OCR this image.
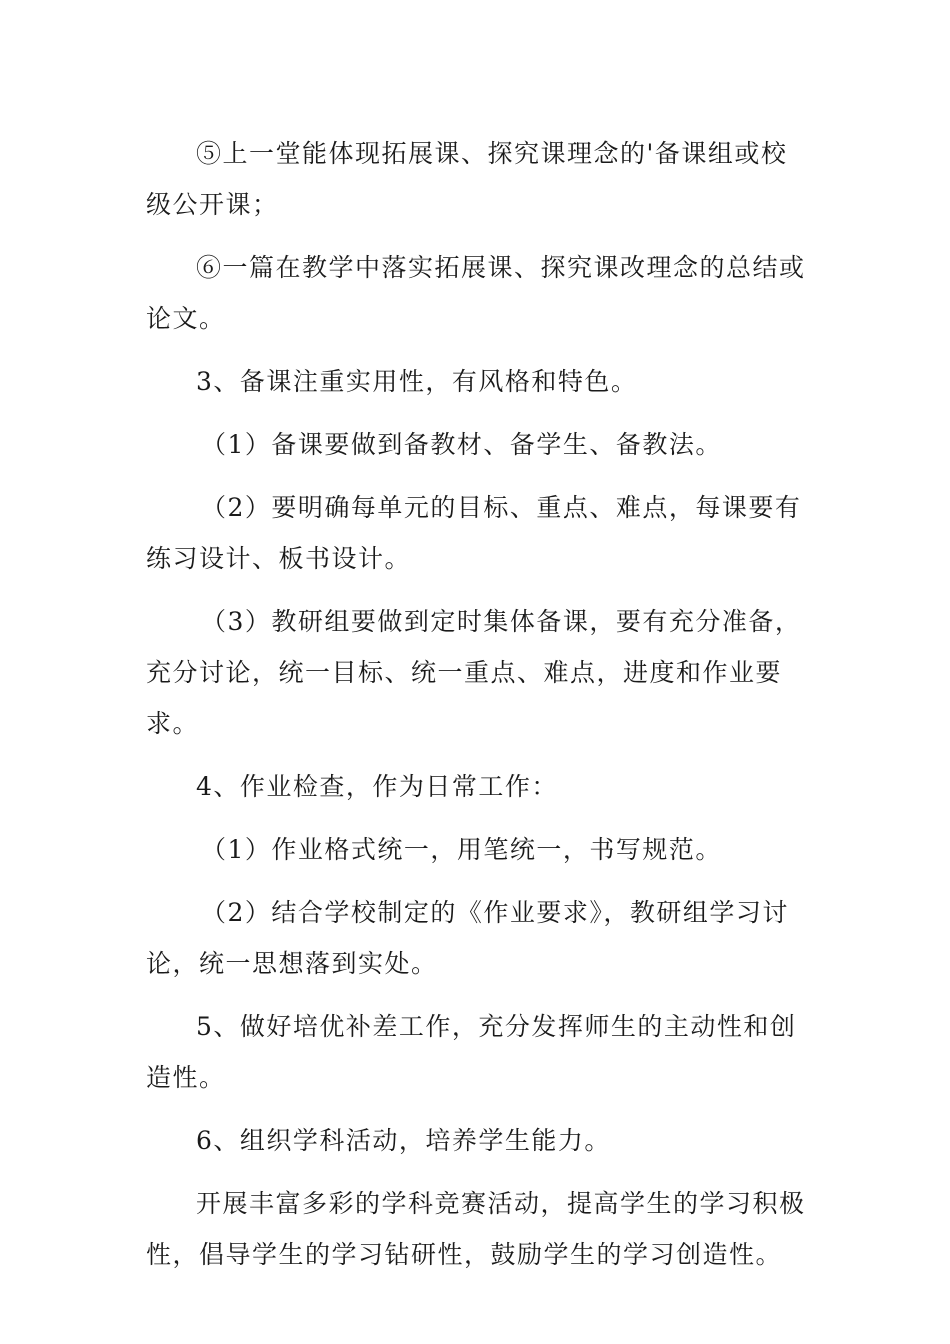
⑤上一堂能体现拓展课、探究课理念的'备课组或校级公开课；

⑥一篇在教学中落实拓展课、探究课改理念的总结或论文。

3、备课注重实用性，有风格和特色。

（1）备课要做到备教材、备学生、备教法。

（2）要明确每单元的目标、重点、难点，每课要有练习设计、板书设计。

（3）教研组要做到定时集体备课，要有充分准备，充分讨论，统一目标、统一重点、难点，进度和作业要求。

4、作业检查，作为日常工作：

（1）作业格式统一，用笔统一，书写规范。

（2）结合学校制定的《作业要求》，教研组学习讨论，统一思想落到实处。

5、做好培优补差工作，充分发挥师生的主动性和创造性。

6、组织学科活动，培养学生能力。

开展丰富多彩的学科竞赛活动，提高学生的学习积极性，倡导学生的学习钻研性，鼓励学生的学习创造性。
